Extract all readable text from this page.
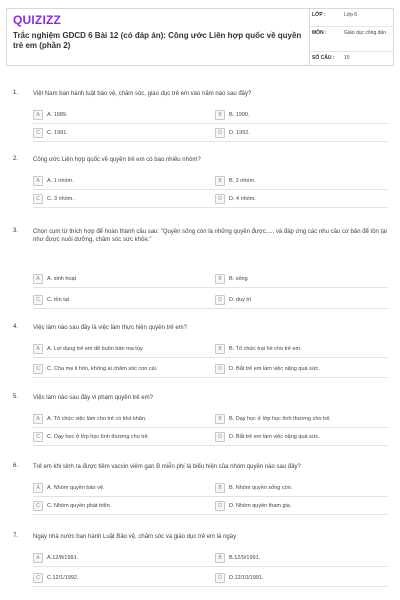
QUIZIZZ
Trắc nghiệm GDCD 6 Bài 12 (có đáp án): Công ước Liên hợp quốc về quyền trẻ em (phần 2)
LỚP :	Lớp 6
MÔN :	Giáo dục công dân
SỐ CÂU :	10
1. Việt Nam ban hành luật bảo vệ, chăm sóc, giáo dục trẻ em vào năm nào sau đây?
A	A. 1989.	B	B. 1990.
C	C. 1991.	D	D. 1992.
2. Công ước Liên hợp quốc về quyền trẻ em có bao nhiêu nhóm?
A	A. 1 nhóm.	B	B. 2 nhóm.
C	C. 3 nhóm.	D	D. 4 nhóm.
3. Chọn cụm từ thích hợp để hoàn thành câu sau: "Quyền sống còn là những quyền được..... và đáp ứng các nhu cầu cơ bản để tồn tại như được nuôi dưỡng, chăm sóc sức khỏe."
A	A. sinh hoạt	B	B. sống
C	C. tồn tại	D	D. duy trì
4. Việc làm nào sau đây là việc làm thực hiện quyền trẻ em?
A	A. Lợi dụng trẻ em để buôn bán ma túy.	B	B. Tổ chức trại hè cho trẻ em.
C	C. Cha mẹ li hôn, không ai chăm sóc con cái.	D	D. Bắt trẻ em làm việc nặng quá sức.
5. Việc làm nào sau đây vi phạm quyền trẻ em?
A	A. Tổ chức việc làm cho trẻ có khó khăn.	B	B. Dạy học ở lớp học tình thương cho trẻ.
C	C. Dạy học ở lớp học tình thương cho trẻ.	D	D. Bắt trẻ em làm việc nặng quá sức.
6. Trẻ em khi sinh ra được tiêm vacxin viêm gan B miễn phí là biểu hiện của nhóm quyền nào sau đây?
A	A. Nhóm quyền bảo vệ.	B	B. Nhóm quyền sống còn.
C	C. Nhóm quyền phát triển.	D	D. Nhóm quyền tham gia.
7. Ngày nhà nước ban hành Luật Bảo vệ, chăm sóc và giáo dục trẻ em là ngày
A	A.12/8/1991.	B	B.12/9/1991.
C	C.12/1/1992.	D	D.12/10/1991.
